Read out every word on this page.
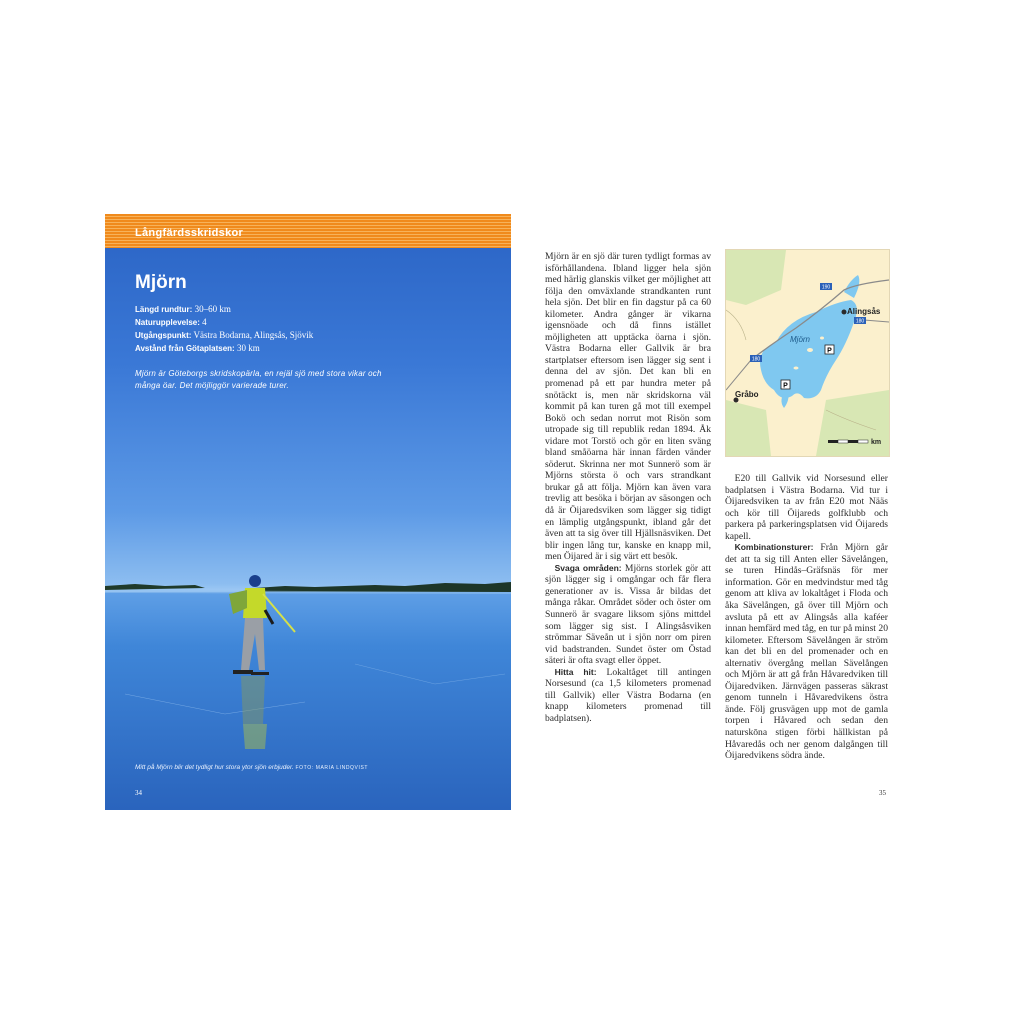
Långfärdsskridskor
Mjörn
Längd rundtur: 30–60 km
Naturupplevelse: 4
Utgångspunkt: Västra Bodarna, Alingsås, Sjövik
Avstånd från Götaplatsen: 30 km
Mjörn är Göteborgs skridskopärla, en rejäl sjö med stora vikar och många öar. Det möjliggör varierade turer.
Mitt på Mjörn blir det tydligt hur stora ytor sjön erbjuder. FOTO: MARIA LINDQVIST
34

Mjörn är en sjö där turen tydligt formas av isförhållandena. Ibland ligger hela sjön med härlig glanskis vilket ger möjlighet att följa den omväxlande strandkanten runt hela sjön. Det blir en fin dagstur på ca 60 kilometer. Andra gånger är vikarna igensnöade och då finns istället möjligheten att upptäcka öarna i sjön. Västra Bodarna eller Gallvik är bra startplatser eftersom isen lägger sig sent i denna del av sjön. Det kan bli en promenad på ett par hundra meter på snötäckt is, men när skridskorna väl kommit på kan turen gå mot till exempel Bokö och sedan norrut mot Risön som utropade sig till republik redan 1894. Åk vidare mot Torstö och gör en liten sväng bland småöarna här innan färden vänder söderut. Skrinna ner mot Sunnerö som är Mjörns största ö och vars strandkant brukar gå att följa. Mjörn kan även vara trevlig att besöka i början av säsongen och då är Öijaredsviken som lägger sig tidigt en lämplig utgångspunkt, ibland går det även att ta sig över till Hjällsnäsviken. Det blir ingen lång tur, kanske en knapp mil, men Öijared är i sig värt ett besök.

 Svaga områden: Mjörns storlek gör att sjön lägger sig i omgångar och får flera generationer av is. Vissa år bildas det många råkar. Området söder och öster om Sunnerö är svagare liksom sjöns mittdel som lägger sig sist. I Alingsåsviken strömmar Säveån ut i sjön norr om piren vid badstranden. Sundet öster om Östad säteri är ofta svagt eller öppet.

 Hitta hit: Lokaltåget till antingen Norsesund (ca 1,5 kilometers promenad till Gallvik) eller Västra Bodarna (en knapp kilometers promenad till badplatsen).

190
180
180
P
P
Alingsås
Mjörn
Gråbo
km

 E20 till Gallvik vid Norsesund eller badplatsen i Västra Bodarna. Vid tur i Öijaredsviken ta av från E20 mot Nääs och kör till Öijareds golfklubb och parkera på parkeringsplatsen vid Öijareds kapell.

 Kombinationsturer: Från Mjörn går det att ta sig till Anten eller Sävelången, se turen Hindås–Gräfsnäs för mer information. Gör en medvindstur med tåg genom att kliva av lokaltåget i Floda och åka Sävelången, gå över till Mjörn och avsluta på ett av Alingsås alla kaféer innan hemfärd med tåg, en tur på minst 20 kilometer. Eftersom Sävelången är ström kan det bli en del promenader och en alternativ övergång mellan Sävelången och Mjörn är att gå från Håvaredviken till Öijaredviken. Järnvägen passeras säkrast genom tunneln i Håvaredvikens östra ände. Följ grusvägen upp mot de gamla torpen i Håvared och sedan den naturskōna stigen förbi hällkistan på Håvaredås och ner genom dalgången till Öijaredvikens södra ände.

35
